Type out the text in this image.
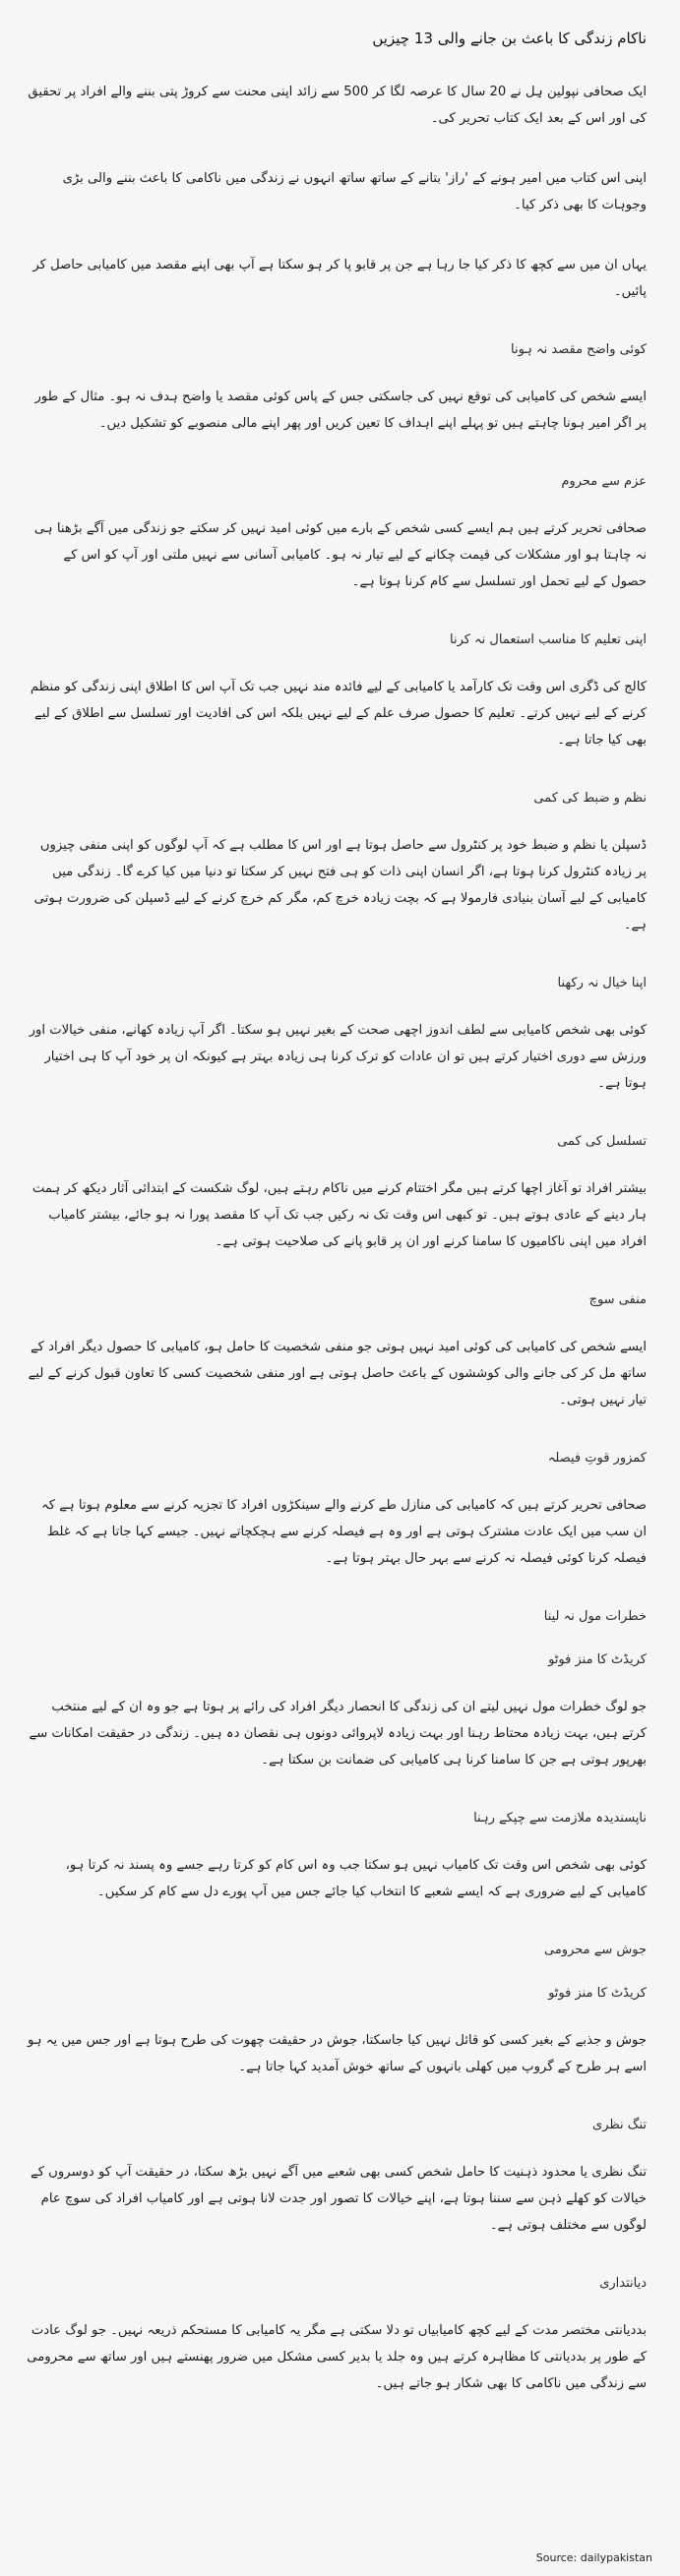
ناکام زندگی کا باعث بن جانے والی 13 چیزیں
ایک صحافی نپولین ہِل نے 20 سال کا عرصہ لگا کر 500 سے زائد اپنی محنت سے کروڑ پتی بننے والے افراد پر تحقیق کی اور اس کے بعد ایک کتاب تحریر کی۔
اپنی اس کتاب میں امیر ہونے کے 'راز' بتانے کے ساتھ ساتھ انہوں نے زندگی میں ناکامی کا باعث بننے والی بڑی وجوہات کا بھی ذکر کیا۔
یہاں ان میں سے کچھ کا ذکر کیا جا رہا ہے جن پر قابو پا کر ہو سکتا ہے آپ بھی اپنے مقصد میں کامیابی حاصل کر پائیں۔
کوئی واضح مقصد نہ ہونا
ایسے شخص کی کامیابی کی توقع نہیں کی جاسکتی جس کے پاس کوئی مقصد یا واضح ہدف نہ ہو۔ مثال کے طور پر اگر امیر ہونا چاہتے ہیں تو پہلے اپنے اہداف کا تعین کریں اور پھر اپنے مالی منصوبے کو تشکیل دیں۔
عزم سے محروم
صحافی تحریر کرتے ہیں ہم ایسے کسی شخص کے بارے میں کوئی امید نہیں کر سکتے جو زندگی میں آگے بڑھنا ہی نہ چاہتا ہو اور مشکلات کی قیمت چکانے کے لیے تیار نہ ہو۔ کامیابی آسانی سے نہیں ملتی اور آپ کو اس کے حصول کے لیے تحمل اور تسلسل سے کام کرنا ہوتا ہے۔
اپنی تعلیم کا مناسب استعمال نہ کرنا
کالج کی ڈگری اس وقت تک کارآمد یا کامیابی کے لیے فائدہ مند نہیں جب تک آپ اس کا اطلاق اپنی زندگی کو منظم کرنے کے لیے نہیں کرتے۔ تعلیم کا حصول صرف علم کے لیے نہیں بلکہ اس کی افادیت اور تسلسل سے اطلاق کے لیے بھی کیا جاتا ہے۔
نظم و ضبط کی کمی
ڈسپلن یا نظم و ضبط خود پر کنٹرول سے حاصل ہوتا ہے اور اس کا مطلب ہے کہ آپ لوگوں کو اپنی منفی چیزوں پر زیادہ کنٹرول کرنا ہوتا ہے، اگر انسان اپنی ذات کو ہی فتح نہیں کر سکتا تو دنیا میں کیا کرے گا۔ زندگی میں کامیابی کے لیے آسان بنیادی فارمولا ہے کہ بچت زیادہ خرچ کم، مگر کم خرچ کرنے کے لیے ڈسپلن کی ضرورت ہوتی ہے۔
اپنا خیال نہ رکھنا
کوئی بھی شخص کامیابی سے لطف اندوز اچھی صحت کے بغیر نہیں ہو سکتا۔ اگر آپ زیادہ کھانے، منفی خیالات اور ورزش سے دوری اختیار کرتے ہیں تو ان عادات کو ترک کرنا ہی زیادہ بہتر ہے کیونکہ ان پر خود آپ کا ہی اختیار ہوتا ہے۔
تسلسل کی کمی
بیشتر افراد تو آغاز اچھا کرتے ہیں مگر اختتام کرنے میں ناکام رہتے ہیں، لوگ شکست کے ابتدائی آثار دیکھ کر ہمت ہار دینے کے عادی ہوتے ہیں۔ تو کبھی اس وقت تک نہ رکیں جب تک آپ کا مقصد پورا نہ ہو جائے، بیشتر کامیاب افراد میں اپنی ناکامیوں کا سامنا کرنے اور ان پر قابو پانے کی صلاحیت ہوتی ہے۔
منفی سوچ
ایسے شخص کی کامیابی کی کوئی امید نہیں ہوتی جو منفی شخصیت کا حامل ہو، کامیابی کا حصول دیگر افراد کے ساتھ مل کر کی جانے والی کوششوں کے باعث حاصل ہوتی ہے اور منفی شخصیت کسی کا تعاون قبول کرنے کے لیے تیار نہیں ہوتی۔
کمزور قوتِ فیصلہ
صحافی تحریر کرتے ہیں کہ کامیابی کی منازل طے کرنے والے سینکڑوں افراد کا تجزیہ کرنے سے معلوم ہوتا ہے کہ ان سب میں ایک عادت مشترک ہوتی ہے اور وہ ہے فیصلہ کرنے سے ہچکچاتے نہیں۔ جیسے کہا جاتا ہے کہ غلط فیصلہ کرنا کوئی فیصلہ نہ کرنے سے بہر حال بہتر ہوتا ہے۔
خطرات مول نہ لینا
کریڈٹ کا منز فوٹو
جو لوگ خطرات مول نہیں لیتے ان کی زندگی کا انحصار دیگر افراد کی رائے پر ہوتا ہے جو وہ ان کے لیے منتخب کرتے ہیں، بہت زیادہ محتاط رہنا اور بہت زیادہ لاپروائی دونوں ہی نقصان دہ ہیں۔ زندگی در حقیقت امکانات سے بھرپور ہوتی ہے جن کا سامنا کرنا ہی کامیابی کی ضمانت بن سکتا ہے۔
ناپسندیدہ ملازمت سے چپکے رہنا
کوئی بھی شخص اس وقت تک کامیاب نہیں ہو سکتا جب وہ اس کام کو کرتا رہے جسے وہ پسند نہ کرتا ہو، کامیابی کے لیے ضروری ہے کہ ایسے شعبے کا انتخاب کیا جائے جس میں آپ پورے دل سے کام کر سکیں۔
جوش سے محرومی
کریڈٹ کا منز فوٹو
جوش و جذبے کے بغیر کسی کو قائل نہیں کیا جاسکتا، جوش در حقیقت چھوت کی طرح ہوتا ہے اور جس میں یہ ہو اسے ہر طرح کے گروپ میں کھلی بانہوں کے ساتھ خوش آمدید کہا جاتا ہے۔
تنگ نظری
تنگ نظری یا محدود ذہنیت کا حامل شخص کسی بھی شعبے میں آگے نہیں بڑھ سکتا، در حقیقت آپ کو دوسروں کے خیالات کو کھلے ذہن سے سننا ہوتا ہے، اپنے خیالات کا تصور اور جدت لانا ہوتی ہے اور کامیاب افراد کی سوچ عام لوگوں سے مختلف ہوتی ہے۔
دیانتداری
بددیانتی مختصر مدت کے لیے کچھ کامیابیاں تو دلا سکتی ہے مگر یہ کامیابی کا مستحکم ذریعہ نہیں۔ جو لوگ عادت کے طور پر بددیانتی کا مظاہرہ کرتے ہیں وہ جلد یا بدیر کسی مشکل میں ضرور پھنستے ہیں اور ساتھ سے محرومی سے زندگی میں ناکامی کا بھی شکار ہو جاتے ہیں۔
Source: dailypakistan
